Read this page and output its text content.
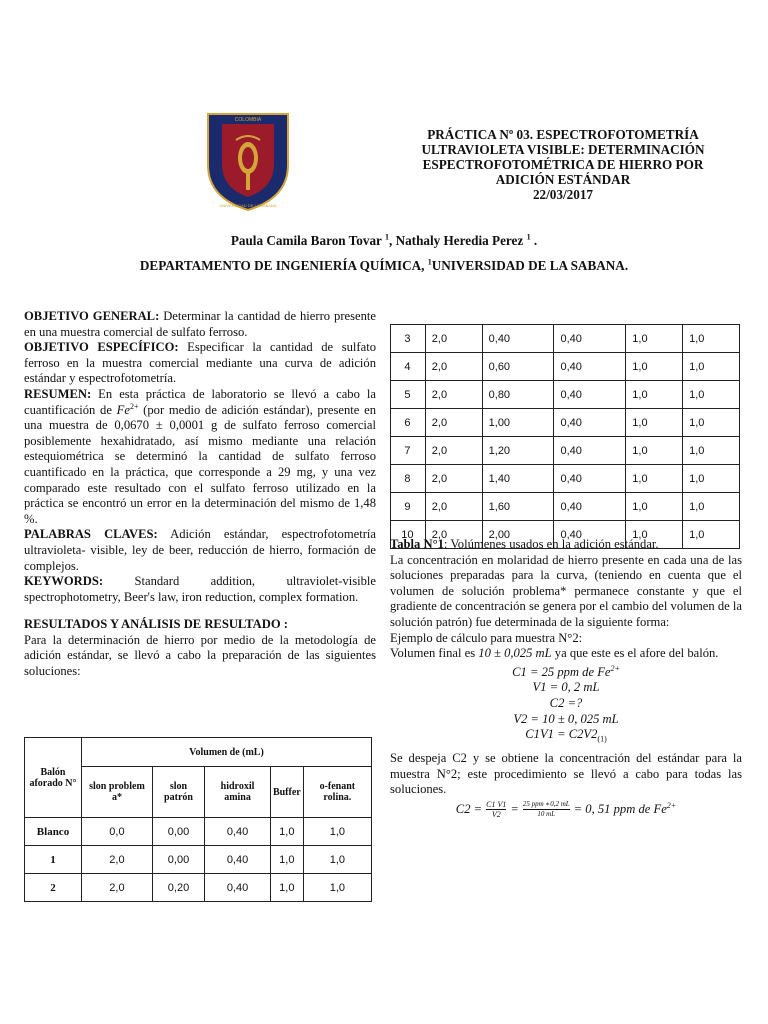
COLOMBIA
UNIVERSIDAD DE LA SABANA
PRÁCTICA Nº 03. ESPECTROFOTOMETRÍA
ULTRAVIOLETA VISIBLE: DETERMINACIÓN
ESPECTROFOTOMÉTRICA DE HIERRO POR
ADICIÓN ESTÁNDAR
22/03/2017
Paula Camila Baron Tovar $^1$, Nathaly Heredia Perez $^1$ .
DEPARTAMENTO DE INGENIERÍA QUÍMICA, $^1$UNIVERSIDAD DE LA SABANA.

OBJETIVO GENERAL: Determinar la cantidad de hierro presente en una muestra comercial de sulfato ferroso.

OBJETIVO ESPECÍFICO: Especificar la cantidad de sulfato ferroso en la muestra comercial mediante una curva de adición estándar y espectrofotometría.

RESUMEN: En esta práctica de laboratorio se llevó a cabo la cuantificación de $Fe^{2+}$ (por medio de adición estándar), presente en una muestra de 0,0670 ± 0,0001 g de sulfato ferroso comercial posiblemente hexahidratado, así mismo mediante una relación estequiométrica se determinó la cantidad de sulfato ferroso cuantificado en la práctica, que corresponde a 29 mg, y una vez comparado este resultado con el sulfato ferroso utilizado en la práctica se encontró un error en la determinación del mismo de 1,48 %.

PALABRAS CLAVES: Adición estándar, espectrofotometría ultravioleta- visible, ley de beer, reducción de hierro, formación de complejos.

KEYWORDS: Standard addition, ultraviolet-visible spectrophotometry, Beer's law, iron reduction, complex formation.

RESULTADOS Y ANÁLISIS DE RESULTADO :

Para la determinación de hierro por medio de la metodología de adición estándar, se llevó a cabo la preparación de las siguientes soluciones:

Balón aforado N°	Volumen de (mL)				
	slon problem a*	slon patrón	hidroxil amina	Buffer	o-fenant rolina.
Blanco	0,0	0,00	0,40	1,0	1,0
1	2,0	0,00	0,40	1,0	1,0
2	2,0	0,20	0,40	1,0	1,0
3	2,0	0,40	0,40	1,0	1,0
4	2,0	0,60	0,40	1,0	1,0
5	2,0	0,80	0,40	1,0	1,0
6	2,0	1,00	0,40	1,0	1,0
7	2,0	1,20	0,40	1,0	1,0
8	2,0	1,40	0,40	1,0	1,0
9	2,0	1,60	0,40	1,0	1,0
10	2,0	2,00	0,40	1,0	1,0

Tabla N°1: Volúmenes usados en la adición estándar.

La concentración en molaridad de hierro presente en cada una de las soluciones preparadas para la curva, (teniendo en cuenta que el volumen de solución problema* permanece constante y que el gradiente de concentración se genera por el cambio del volumen de la solución patrón) fue determinada de la siguiente forma:

Ejemplo de cálculo para muestra N°2:

Volumen final es 10 ± 0,025 mL ya que este es el afore del balón.

C1 = 25 ppm de $Fe^{2+}$
V1 = 0, 2 mL
C2 =?
V2 = 10 ± 0, 025 mL
$C1V1 = C2V2_{(1)}$

Se despeja C2 y se obtiene la concentración del estándar para la muestra N°2; este procedimiento se llevó a cabo para todas las soluciones.

$C2 = \frac{C1 V1}{V2} = 25$ ppm ∗0,2 mL
10 mL = 0, 51 ppm de $Fe^{2+}$
